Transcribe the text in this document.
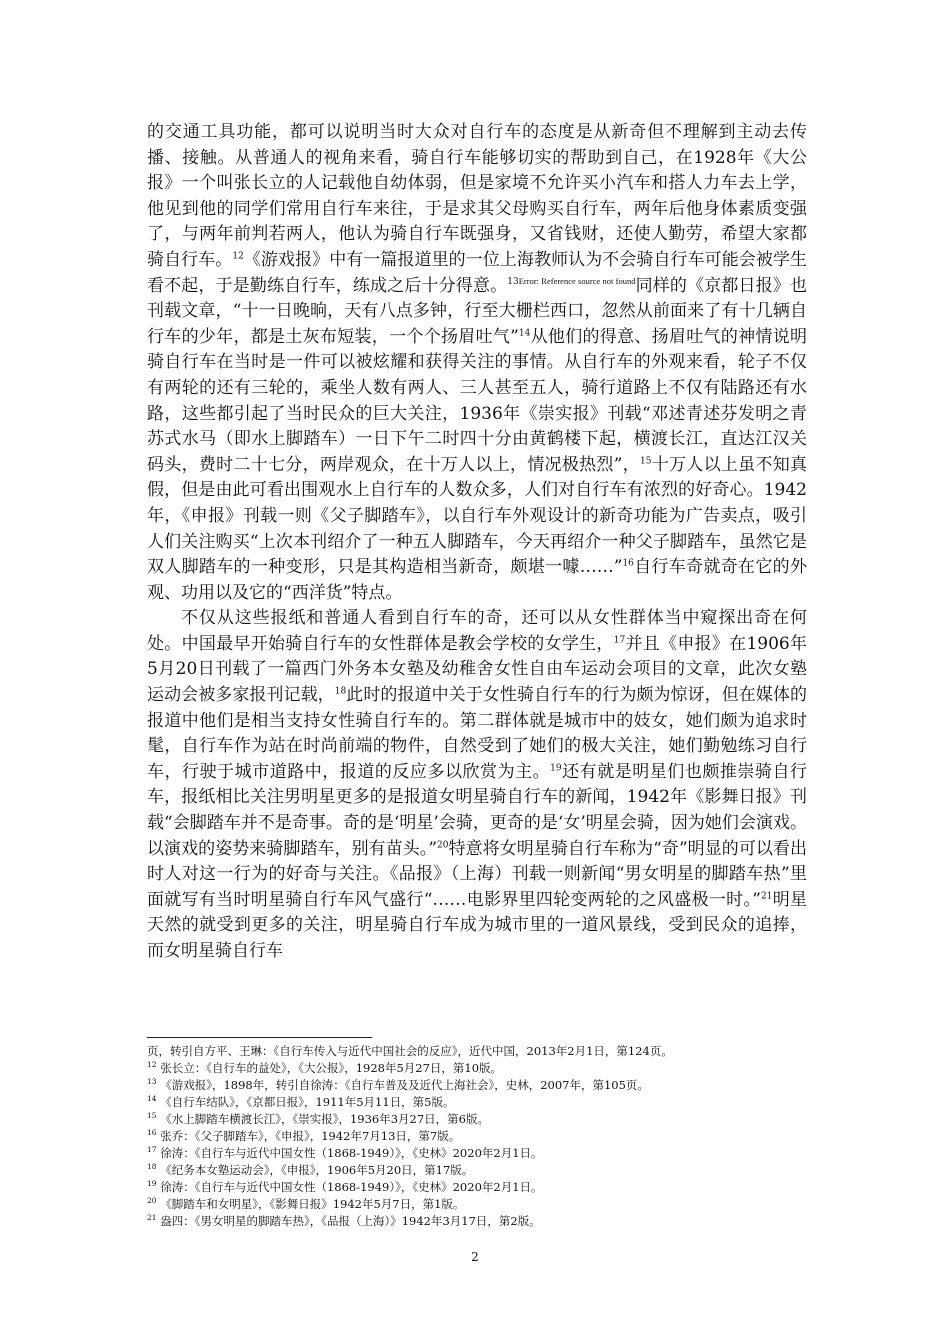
的交通工具功能，都可以说明当时大众对自行车的态度是从新奇但不理解到主动去传播、接触。从普通人的视角来看，骑自行车能够切实的帮助到自己，在1928年《大公报》一个叫张长立的人记载他自幼体弱，但是家境不允许买小汽车和搭人力车去上学，他见到他的同学们常用自行车来往，于是求其父母购买自行车，两年后他身体素质变强了，与两年前判若两人，他认为骑自行车既强身，又省钱财，还使人勤劳，希望大家都骑自行车。$^{12}$《游戏报》中有一篇报道里的一位上海教师认为不会骑自行车可能会被学生看不起，于是勤练自行车，练成之后十分得意。$^{13Error: Reference source not found}$同样的《京都日报》也刊载文章，“十一日晚晌，天有八点多钟，行至大栅栏西口，忽然从前面来了有十几辆自行车的少年，都是土灰布短装，一个个扬眉吐气”$^{14}$从他们的得意、扬眉吐气的神情说明骑自行车在当时是一件可以被炫耀和获得关注的事情。从自行车的外观来看，轮子不仅有两轮的还有三轮的，乘坐人数有两人、三人甚至五人，骑行道路上不仅有陆路还有水路，这些都引起了当时民众的巨大关注，1936年《崇实报》刊载“邓述青述芬发明之青苏式水马（即水上脚踏车）一日下午二时四十分由黄鹤楼下起，横渡长江，直达江汉关码头，费时二十七分，两岸观众，在十万人以上，情况极热烈”，$^{15}$十万人以上虽不知真假，但是由此可看出围观水上自行车的人数众多，人们对自行车有浓烈的好奇心。1942年，《申报》刊载一则《父子脚踏车》，以自行车外观设计的新奇功能为广告卖点，吸引人们关注购买“上次本刊绍介了一种五人脚踏车，今天再绍介一种父子脚踏车，虽然它是双人脚踏车的一种变形，只是其构造相当新奇，颇堪一噱……”$^{16}$自行车奇就奇在它的外观、功用以及它的“西洋货”特点。

不仅从这些报纸和普通人看到自行车的奇，还可以从女性群体当中窥探出奇在何处。中国最早开始骑自行车的女性群体是教会学校的女学生，$^{17}$并且《申报》在1906年5月20日刊载了一篇西门外务本女塾及幼稚舍女性自由车运动会项目的文章，此次女塾运动会被多家报刊记载，$^{18}$此时的报道中关于女性骑自行车的行为颇为惊讶，但在媒体的报道中他们是相当支持女性骑自行车的。第二群体就是城市中的妓女，她们颇为追求时髦，自行车作为站在时尚前端的物件，自然受到了她们的极大关注，她们勤勉练习自行车，行驶于城市道路中，报道的反应多以欣赏为主。$^{19}$还有就是明星们也颇推崇骑自行车，报纸相比关注男明星更多的是报道女明星骑自行车的新闻，1942年《影舞日报》刊载“会脚踏车并不是奇事。奇的是‘明星’会骑，更奇的是‘女’明星会骑，因为她们会演戏。以演戏的姿势来骑脚踏车，别有苗头。”$^{20}$特意将女明星骑自行车称为“奇”明显的可以看出时人对这一行为的好奇与关注。《品报》（上海）刊载一则新闻“男女明星的脚踏车热”里面就写有当时明星骑自行车风气盛行“……电影界里四轮变两轮的之风盛极一时。”$^{21}$明星天然的就受到更多的关注，明星骑自行车成为城市里的一道风景线，受到民众的追捧，而女明星骑自行车

页，转引自方平、王琳：《自行车传入与近代中国社会的反应》，近代中国，2013年2月1日，第124页。
$^{12}$ 张长立：《自行车的益处》，《大公报》，1928年5月27日，第10版。
$^{13}$ 《游戏报》，1898年，转引自徐涛：《自行车普及及近代上海社会》，史林，2007年，第105页。
$^{14}$ 《自行车结队》，《京都日报》，1911年5月11日，第5版。
$^{15}$ 《水上脚踏车横渡长江》，《崇实报》，1936年3月27日，第6版。
$^{16}$ 张乔：《父子脚踏车》，《申报》，1942年7月13日，第7版。
$^{17}$ 徐涛：《自行车与近代中国女性（1868-1949）》，《史林》2020年2月1日。
$^{18}$ 《纪务本女塾运动会》，《申报》，1906年5月20日，第17版。
$^{19}$ 徐涛：《自行车与近代中国女性（1868-1949）》，《史林》2020年2月1日。
$^{20}$ 《脚踏车和女明星》，《影舞日报》1942年5月7日，第1版。
$^{21}$ 盎四：《男女明星的脚踏车热》，《品报（上海）》1942年3月17日，第2版。
2
